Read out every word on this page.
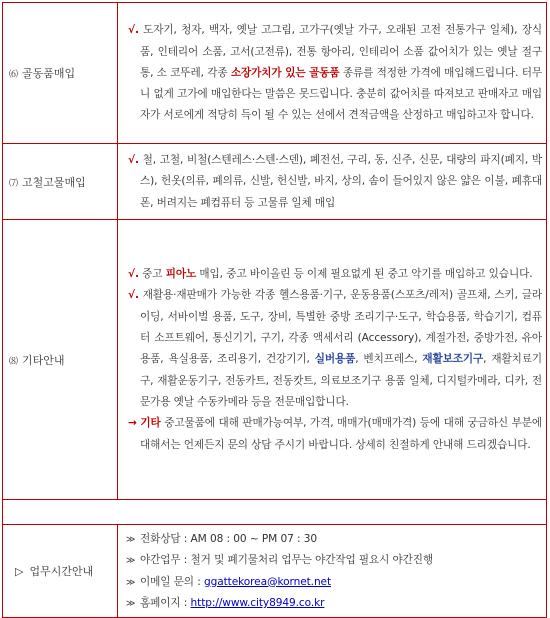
⑹ 골동품매입	√. 도자기, 청자, 백자, 옛날 고그림, 고가구(옛날 가구, 오래된 고전 전통가구 일체), 장식품, 인테리어 소품, 고서(고전류), 전통 항아리, 인테리어 소품 값어치가 있는 옛날 절구통, 소 코뚜레, 각종 소장가치가 있는 골동품 종류를 적정한 가격에 매입해드립니다. 터무니 없게 고가에 매입한다는 말씀은 못드립니다. 충분히 값어치를 따져보고 판매자고 매입자가 서로에게 적당히 득이 될 수 있는 선에서 견적금액을 산정하고 매입하고자 합니다.

⑺ 고철고물매입	√. 철, 고철, 비철(스텐레스·스텐·스덴), 폐전선, 구리, 동, 신주, 신문, 대량의 파지(폐지, 박스), 헌옷(의류, 폐의류, 신발, 헌신발, 바지, 상의, 솜이 들어있지 않은 얇은 이불, 폐휴대폰, 버려지는 폐컴퓨터 등 고물류 일체 매입

⑻ 기타안내	√. 중고 피아노 매입, 중고 바이올린 등 이제 필요없게 된 중고 악기를 매입하고 있습니다.
√. 재활용·재판매가 가능한 각종 헬스용품·기구, 운동용품(스포츠/레저) 골프채, 스키, 글라이딩, 서바이벌 용품, 도구, 장비, 특별한 중방 조리기구·도구, 학습용품, 학습기기, 컴퓨터 소프트웨어, 통신기기, 구기, 각종 액세서리 (Accessory), 계절가전, 중방가전, 유아용품, 욕실용품, 조리용기, 건강기기, 실버용품, 벤치프레스, 재활보조기구, 재활치료기구, 재활운동기구, 전동카트, 전동캇트, 의료보조기구 용품 일체, 디지털카메라, 디카, 전문가용 옛날 수동카메라 등을 전문매입합니다.
→ 기타 중고물품에 대해 판매가능여부, 가격, 매매가(매매가격) 등에 대해 궁금하신 부분에 대해서는 언제든지 문의 상담 주시기 바랍니다. 상세히 친절하게 안내해 드리겠습니다.

▷ 업무시간안내	≫ 전화상담 : AM 08 : 00 ~ PM 07 : 30
≫ 야간업무 : 철거 및 폐기물처리 업무는 야간작업 필요시 야간진행
≫ 이메일 문의 : ggattekorea@kornet.net
≫ 홈페이지 : http://www.city8949.co.kr
